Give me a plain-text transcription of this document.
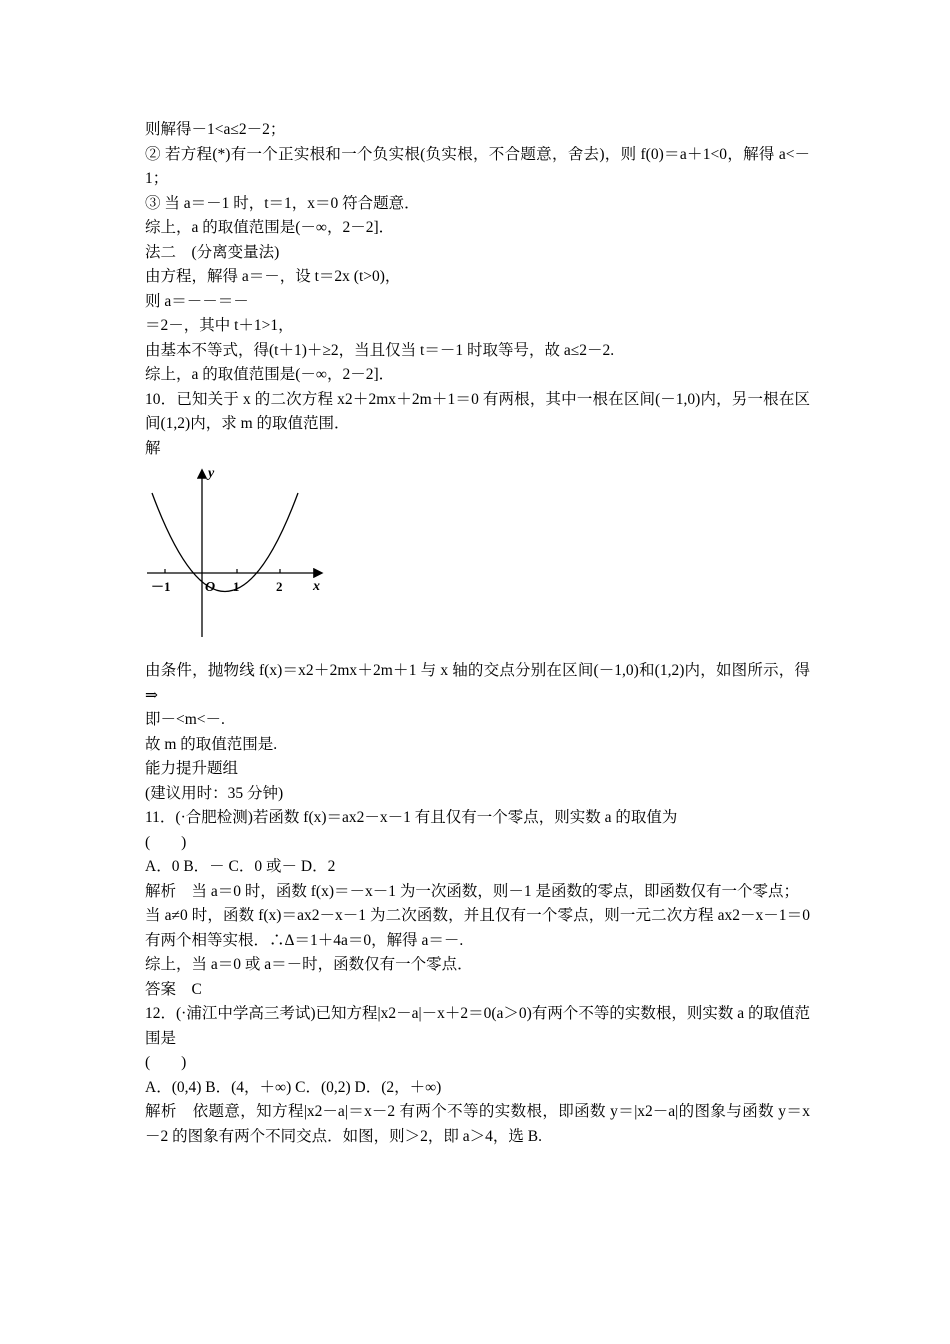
则解得－1<a≤2－2；
② 若方程(*)有一个正实根和一个负实根(负实根，不合题意，舍去)，则 f(0)＝a＋1<0，解得 a<－1；
③ 当 a＝－1 时，t＝1，x＝0 符合题意．
综上，a 的取值范围是(－∞，2－2]．
法二　(分离变量法)
由方程，解得 a＝－，设 t＝2x (t>0)，
则 a＝－－＝－
＝2－，其中 t＋1>1，
由基本不等式，得(t＋1)＋≥2，当且仅当 t＝－1 时取等号，故 a≤2－2.
综上，a 的取值范围是(－∞，2－2]．
10．已知关于 x 的二次方程 x2＋2mx＋2m＋1＝0 有两根，其中一根在区间(－1,0)内，另一根在区间(1,2)内，求 m 的取值范围．
解
y
x
O
－1	1	2
由条件，抛物线 f(x)＝x2＋2mx＋2m＋1 与 x 轴的交点分别在区间(－1,0)和(1,2)内，如图所示，得⇒
即－<m<－.
故 m 的取值范围是.
能力提升题组
(建议用时：35 分钟)
11．(·合肥检测)若函数 f(x)＝ax2－x－1 有且仅有一个零点，则实数 a 的取值为
(　　)
A．0 B．－ C．0 或－ D．2
解析　当 a＝0 时，函数 f(x)＝－x－1 为一次函数，则－1 是函数的零点，即函数仅有一个零点；
当 a≠0 时，函数 f(x)＝ax2－x－1 为二次函数，并且仅有一个零点，则一元二次方程 ax2－x－1＝0 有两个相等实根．∴Δ＝1＋4a＝0，解得 a＝－.
综上，当 a＝0 或 a＝－时，函数仅有一个零点．
答案　C
12．(·浦江中学高三考试)已知方程|x2－a|－x＋2＝0(a＞0)有两个不等的实数根，则实数 a 的取值范围是
(　　)
A．(0,4) B．(4，＋∞) C．(0,2) D．(2，＋∞)
解析　依题意，知方程|x2－a|＝x－2 有两个不等的实数根，即函数 y＝|x2－a|的图象与函数 y＝x－2 的图象有两个不同交点．如图，则＞2，即 a＞4，选 B.
